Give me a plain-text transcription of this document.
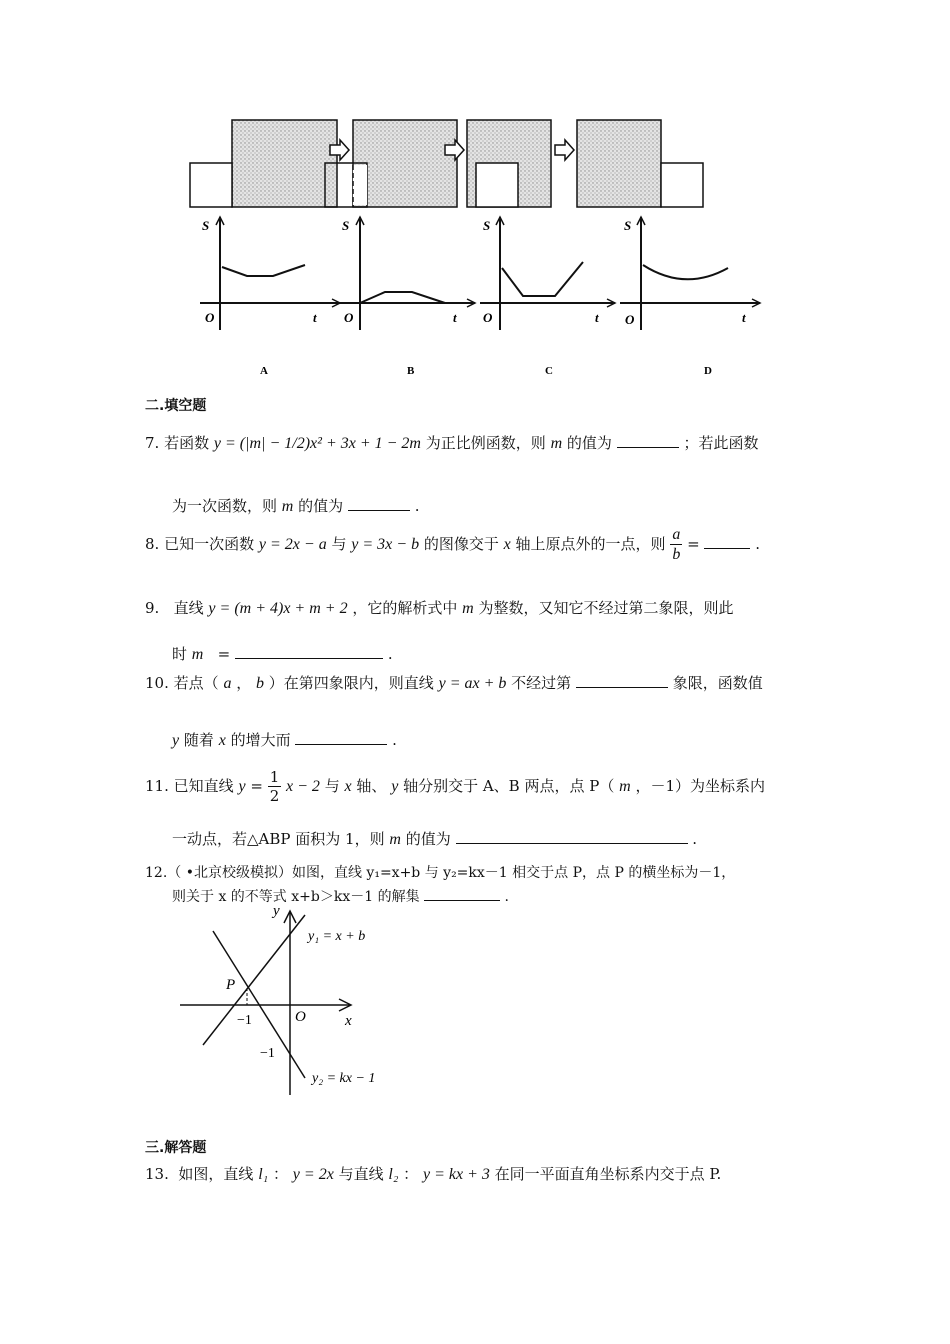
S
O	t
A
S
O	t
B
S
O	t
C
S
O	t
D
二.填空题
7. 若函数 y = (|m| − 1/2)x² + 3x + 1 − 2m 为正比例函数，则 m 的值为	；若此函数
为一次函数，则 m 的值为	.
8. 已知一次函数 y = 2x − a 与 y = 3x − b 的图像交于 x 轴上原点外的一点，则 $\frac{a}{b}$ =	.
9. 直线 y = (m + 4)x + m + 2 ，它的解析式中 m 为整数，又知它不经过第二象限，则此
时 m =	.
10. 若点（ a ， b ）在第四象限内，则直线 y = ax + b 不经过第	象限，函数值
y 随着 x 的增大而	.
11. 已知直线 $y = \frac{1}{2}$ x − 2 与 x 轴、 y 轴分别交于 A、B 两点，点 P（ m ，－1）为坐标系内
一动点，若△ABP 面积为 1，则 m 的值为	.
12.（ •北京校级模拟）如图，直线 y₁=x+b 与 y₂=kx－1 相交于点 P，点 P 的横坐标为－1，
则关于 x 的不等式 x+b＞kx－1 的解集	.
y
x
O
P
−1
−1
y₁ = x + b
y₂ = kx − 1
三.解答题
13. 如图，直线 l₁ ： y = 2x 与直线 l₂ ： y = kx + 3 在同一平面直角坐标系内交于点 P.
